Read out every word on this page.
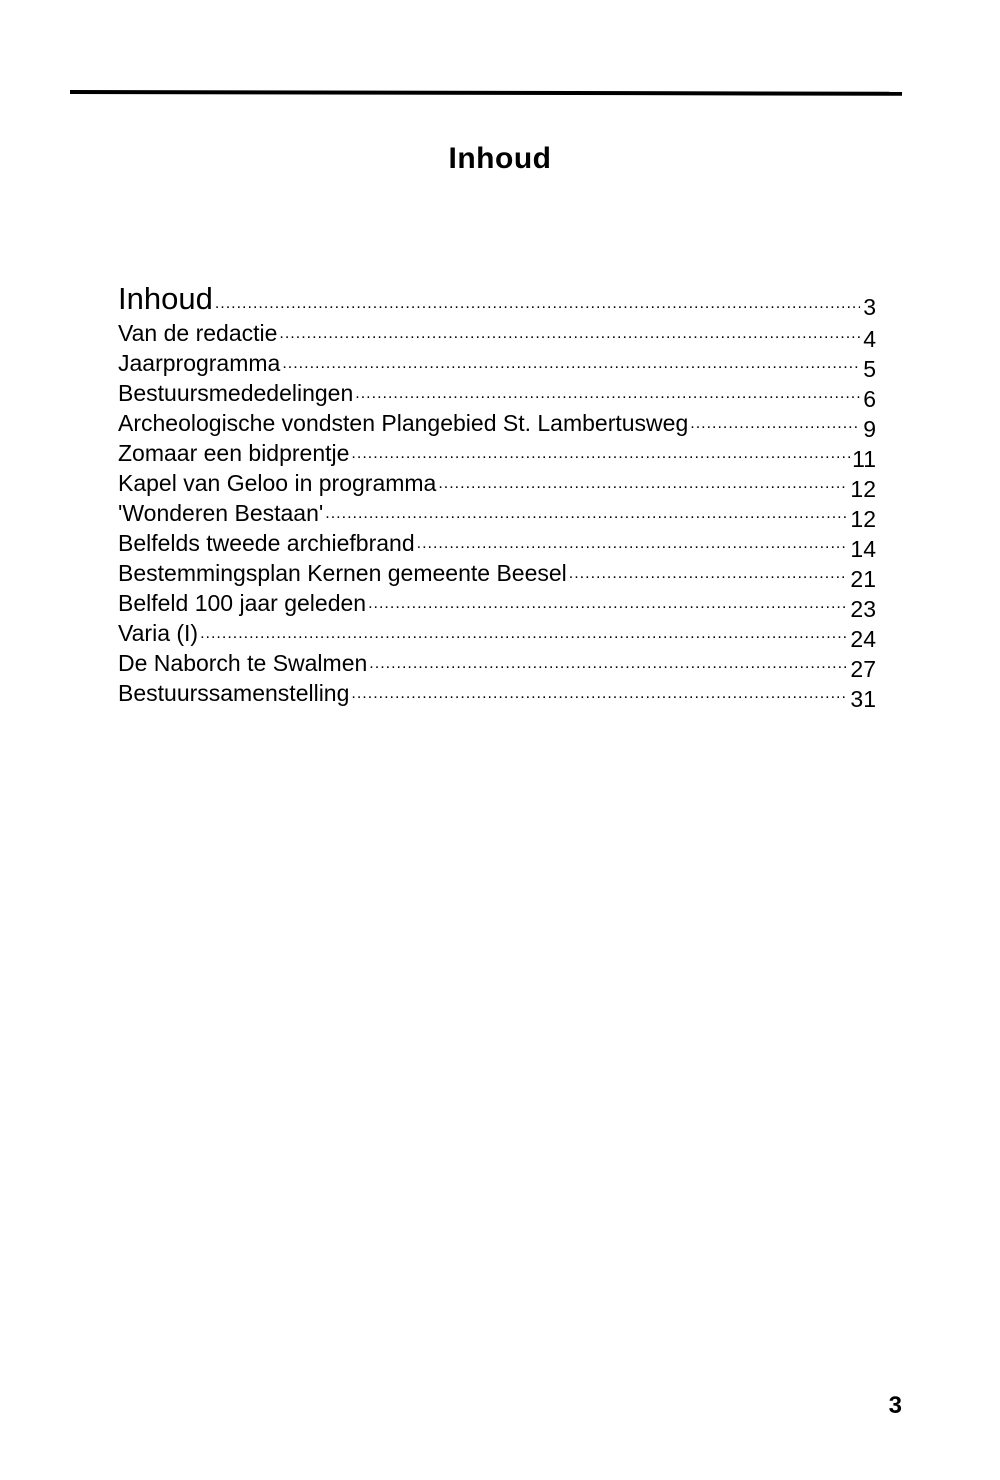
Inhoud
Inhoud .....	3
Van de redactie .....	4
Jaarprogramma .....	5
Bestuursmededelingen .....	6
Archeologische vondsten Plangebied St. Lambertusweg .....	9
Zomaar een bidprentje .....	11
Kapel van Geloo in programma .....	12
'Wonderen Bestaan' .....	12
Belfelds tweede archiefbrand .....	14
Bestemmingsplan Kernen gemeente Beesel .....	21
Belfeld 100 jaar geleden .....	23
Varia (I) .....	24
De Naborch te Swalmen .....	27
Bestuurssamenstelling .....	31
3
